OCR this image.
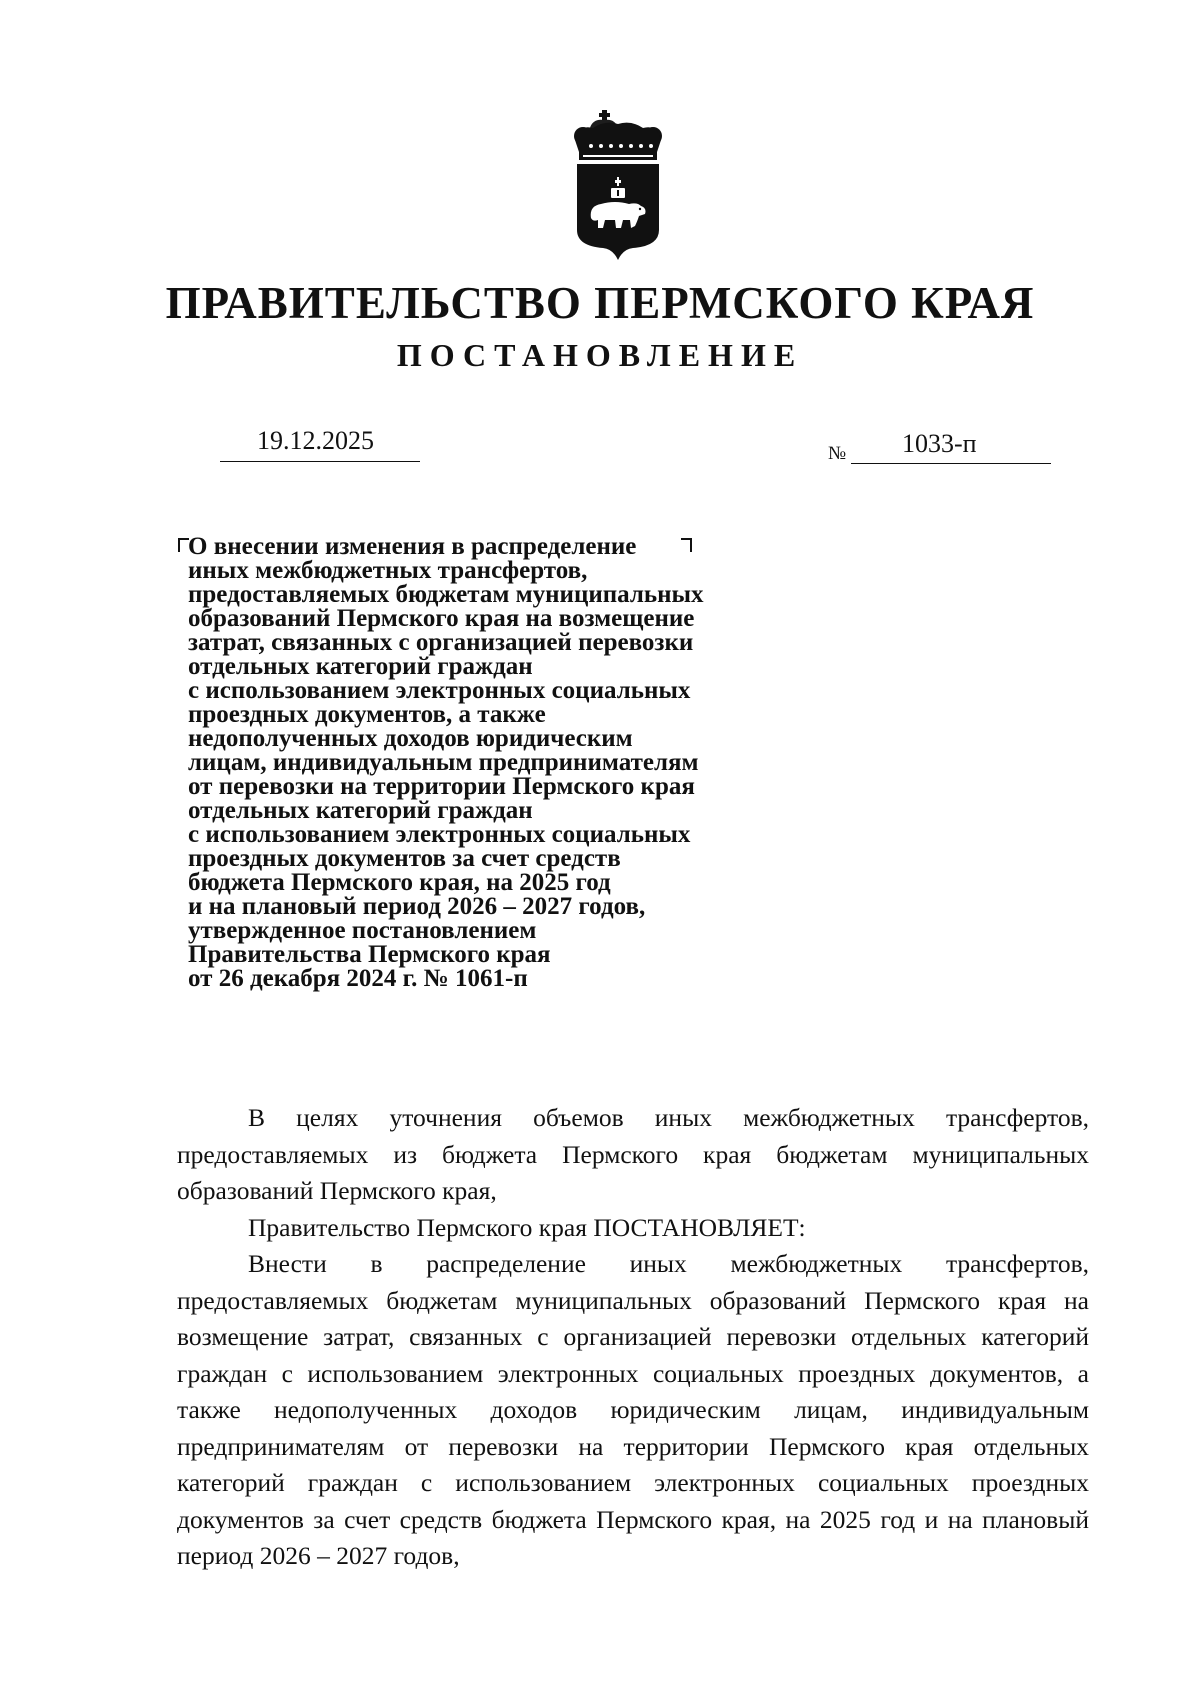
ПРАВИТЕЛЬСТВО ПЕРМСКОГО КРАЯ
ПОСТАНОВЛЕНИЕ
19.12.2025	№ 1033-п
О внесении изменения в распределение
иных межбюджетных трансфертов,
предоставляемых бюджетам муниципальных
образований Пермского края на возмещение
затрат, связанных с организацией перевозки
отдельных категорий граждан
с использованием электронных социальных
проездных документов, а также
недополученных доходов юридическим
лицам, индивидуальным предпринимателям
от перевозки на территории Пермского края
отдельных категорий граждан
с использованием электронных социальных
проездных документов за счет средств
бюджета Пермского края, на 2025 год
и на плановый период 2026 – 2027 годов,
утвержденное постановлением
Правительства Пермского края
от 26 декабря 2024 г. № 1061-п

В целях уточнения объемов иных межбюджетных трансфертов, предоставляемых из бюджета Пермского края бюджетам муниципальных образований Пермского края,

Правительство Пермского края ПОСТАНОВЛЯЕТ:

Внести в распределение иных межбюджетных трансфертов, предоставляемых бюджетам муниципальных образований Пермского края на возмещение затрат, связанных с организацией перевозки отдельных категорий граждан с использованием электронных социальных проездных документов, а также недополученных доходов юридическим лицам, индивидуальным предпринимателям от перевозки на территории Пермского края отдельных категорий граждан с использованием электронных социальных проездных документов за счет средств бюджета Пермского края, на 2025 год и на плановый период 2026 – 2027 годов,
